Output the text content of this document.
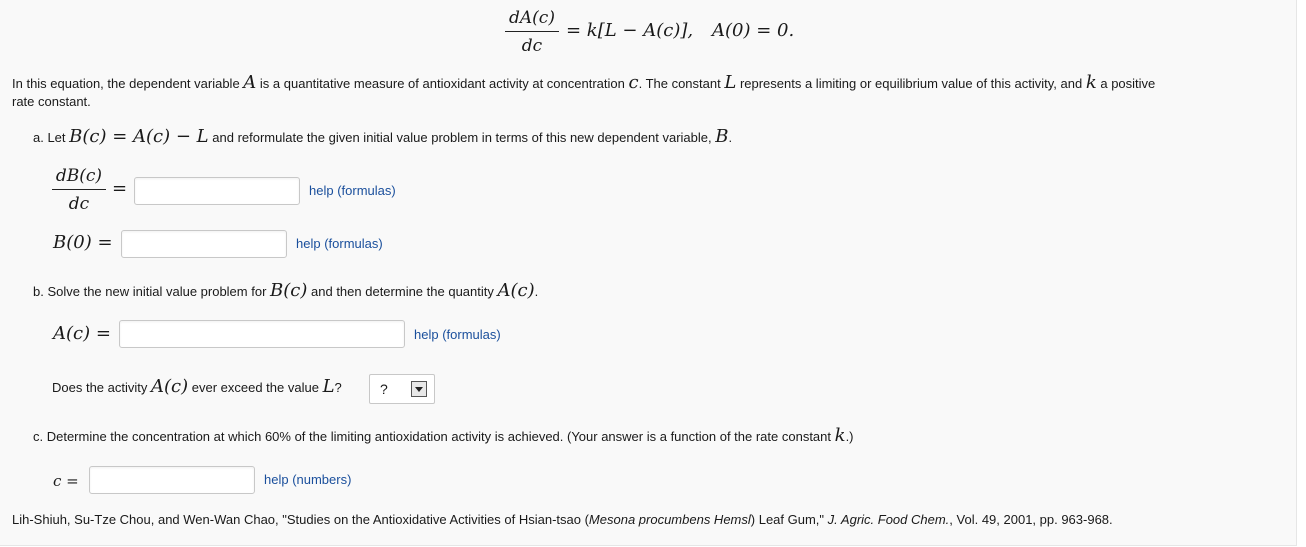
dA(c)
dc
= k[L − A(c)], A(0) = 0.
In this equation, the dependent variable A is a quantitative measure of antioxidant activity at concentration c. The constant L represents a limiting or equilibrium value of this activity, and k a positive
rate constant.
a. Let B(c) = A(c) − L and reformulate the given initial value problem in terms of this new dependent variable, B.
dB(c)
dc
=	help (formulas)
B(0) =	help (formulas)
b. Solve the new initial value problem for B(c) and then determine the quantity A(c).
A(c) =	help (formulas)
Does the activity A(c) ever exceed the value L?	?
c. Determine the concentration at which 60% of the limiting antioxidation activity is achieved. (Your answer is a function of the rate constant k.)
c =	help (numbers)
Lih-Shiuh, Su-Tze Chou, and Wen-Wan Chao, "Studies on the Antioxidative Activities of Hsian-tsao (Mesona procumbens Hemsl) Leaf Gum," J. Agric. Food Chem., Vol. 49, 2001, pp. 963-968.
